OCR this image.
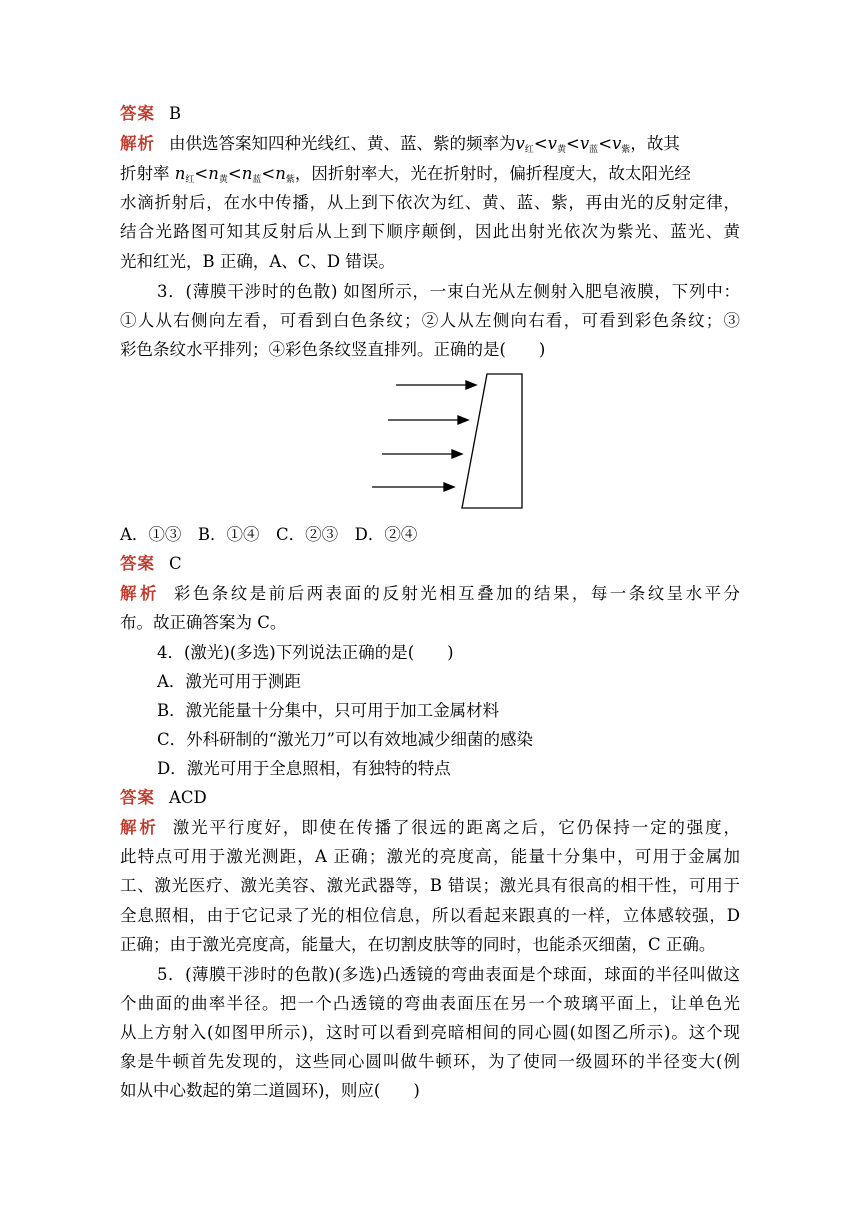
答案 B
解析 由供选答案知四种光线红、黄、蓝、紫的频率为$v_红<v_黄<v_蓝<v_紫$，故其
折射率 $n_红<n_黄<n_蓝<n_紫$，因折射率大，光在折射时，偏折程度大，故太阳光经
水滴折射后，在水中传播，从上到下依次为红、黄、蓝、紫，再由光的反射定律，
结合光路图可知其反射后从上到下顺序颠倒，因此出射光依次为紫光、蓝光、黄
光和红光，B 正确，A、C、D 错误。
3．(薄膜干涉时的色散) 如图所示，一束白光从左侧射入肥皂液膜，下列中：
①人从右侧向左看，可看到白色条纹；②人从左侧向右看，可看到彩色条纹；③
彩色条纹水平排列；④彩色条纹竖直排列。正确的是(　　)
A．①③　B．①④　C．②③　D．②④
答案 C
解析 彩色条纹是前后两表面的反射光相互叠加的结果，每一条纹呈水平分
布。故正确答案为 C。
4．(激光)(多选)下列说法正确的是(　　)
A．激光可用于测距
B．激光能量十分集中，只可用于加工金属材料
C．外科研制的“激光刀”可以有效地减少细菌的感染
D．激光可用于全息照相，有独特的特点
答案 ACD
解析 激光平行度好，即使在传播了很远的距离之后，它仍保持一定的强度，
此特点可用于激光测距，A 正确；激光的亮度高，能量十分集中，可用于金属加
工、激光医疗、激光美容、激光武器等，B 错误；激光具有很高的相干性，可用于
全息照相，由于它记录了光的相位信息，所以看起来跟真的一样，立体感较强，D
正确；由于激光亮度高，能量大，在切割皮肤等的同时，也能杀灭细菌，C 正确。
5．(薄膜干涉时的色散)(多选)凸透镜的弯曲表面是个球面，球面的半径叫做这
个曲面的曲率半径。把一个凸透镜的弯曲表面压在另一个玻璃平面上，让单色光
从上方射入(如图甲所示)，这时可以看到亮暗相间的同心圆(如图乙所示)。这个现
象是牛顿首先发现的，这些同心圆叫做牛顿环，为了使同一级圆环的半径变大(例
如从中心数起的第二道圆环)，则应(　　)
